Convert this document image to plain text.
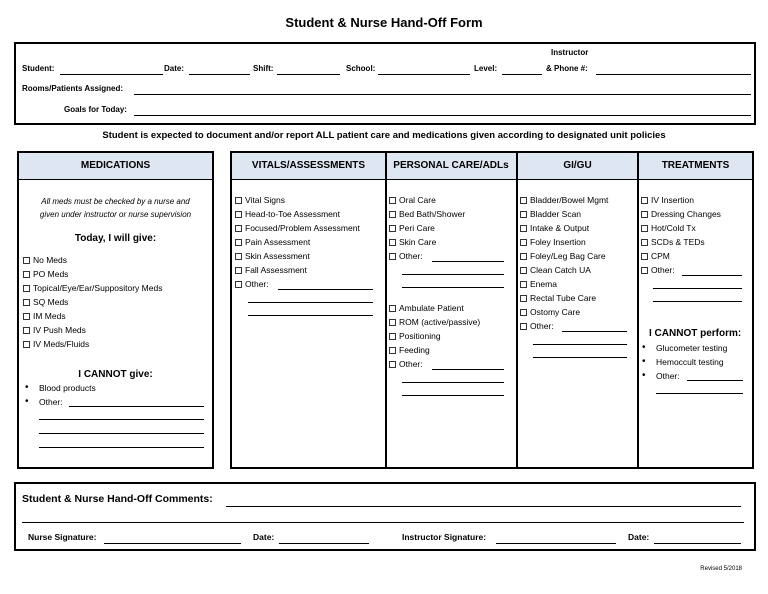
Student & Nurse Hand-Off Form
Student:	Date:	Shift:	School:	Level:
Instructor
& Phone #:
Rooms/Patients Assigned:
Goals for Today:
Student is expected to document and/or report ALL patient care and medications given according to designated unit policies
MEDICATIONS
All meds must be checked by a nurse and
given under instructor or nurse supervision
Today, I will give:
No Meds
PO Meds
Topical/Eye/Ear/Suppository Meds
SQ Meds
IM Meds
IV Push Meds
IV Meds/Fluids
I CANNOT give:
• Blood products
• Other:
VITALS/ASSESSMENTS
Vital Signs
Head-to-Toe Assessment
Focused/Problem Assessment
Pain Assessment
Skin Assessment
Fall Assessment
Other:
PERSONAL CARE/ADLs
Oral Care
Bed Bath/Shower
Peri Care
Skin Care
Other:
Ambulate Patient
ROM (active/passive)
Positioning
Feeding
Other:
GI/GU
Bladder/Bowel Mgmt
Bladder Scan
Intake & Output
Foley Insertion
Foley/Leg Bag Care
Clean Catch UA
Enema
Rectal Tube Care
Ostomy Care
Other:
TREATMENTS
IV Insertion
Dressing Changes
Hot/Cold Tx
SCDs & TEDs
CPM
Other:
I CANNOT perform:
• Glucometer testing
• Hemoccult testing
• Other:
Student & Nurse Hand-Off Comments:
Nurse Signature:	Date:	Instructor Signature:	Date:
Revised 5/2018
